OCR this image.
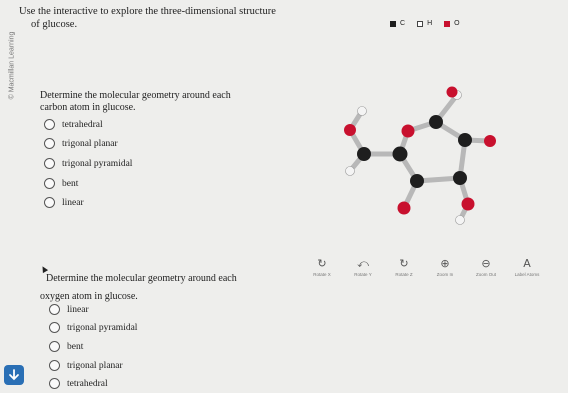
© Macmillan Learning
Use the interactive to explore the three-dimensional structure
of glucose.	C	H	O
Determine the molecular geometry around each
carbon atom in glucose.
tetrahedral
trigonal planar
trigonal pyramidal
bent
linear
↻
Rotate X
⤺
Rotate Y
↻
Rotate Z
⊕
Zoom In
⊖
Zoom Out
A
Label Atoms
Determine the molecular geometry around each
oxygen atom in glucose.
linear
trigonal pyramidal
bent
trigonal planar
tetrahedral
